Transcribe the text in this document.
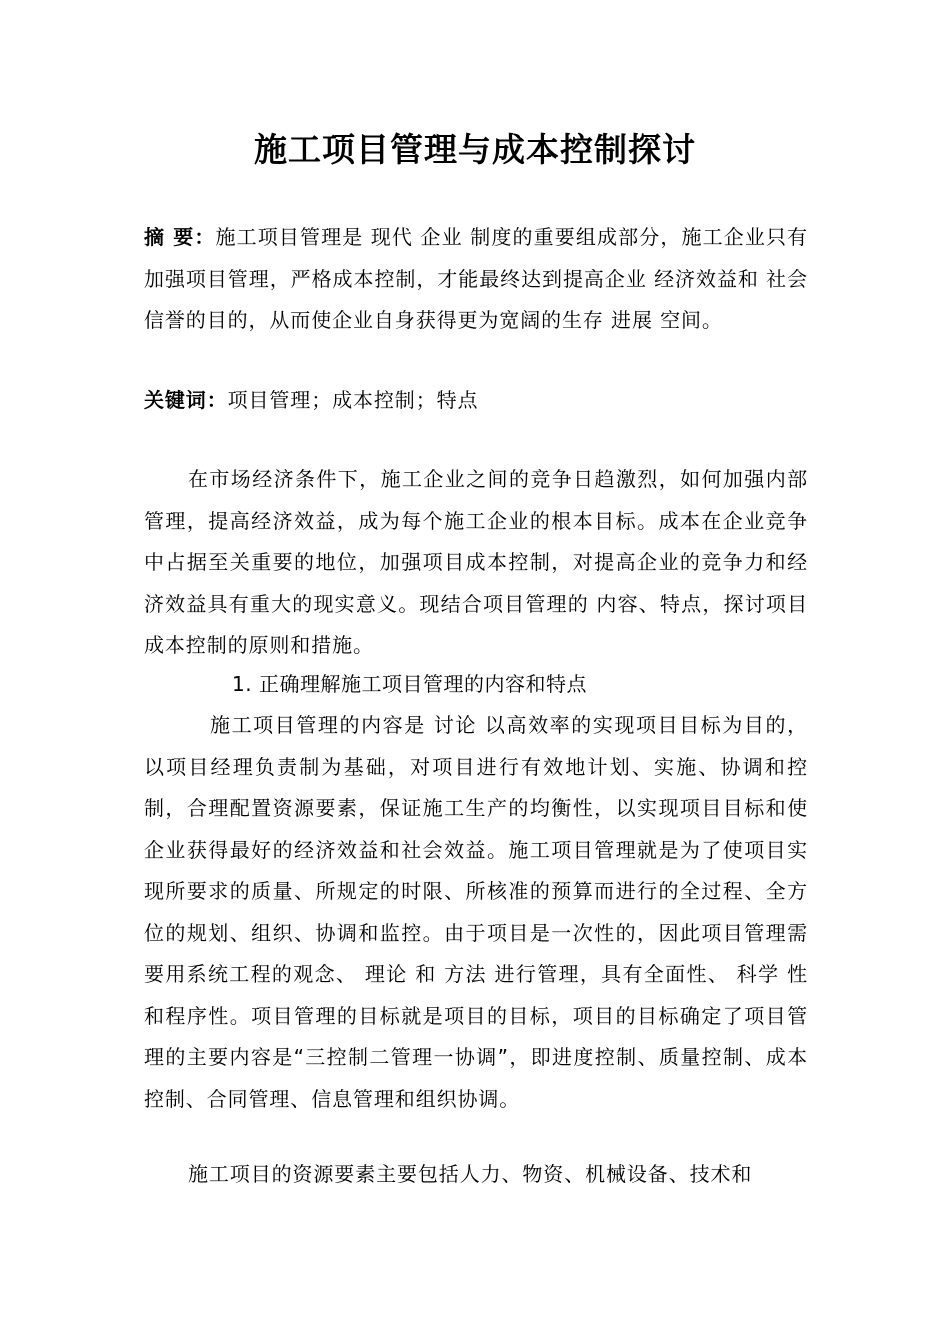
施工项目管理与成本控制探讨
摘 要：施工项目管理是 现代 企业 制度的重要组成部分，施工企业只有加强项目管理，严格成本控制，才能最终达到提高企业 经济效益和 社会 信誉的目的，从而使企业自身获得更为宽阔的生存 进展 空间。
关键词：项目管理；成本控制；特点

在市场经济条件下，施工企业之间的竞争日趋激烈，如何加强内部管理，提高经济效益，成为每个施工企业的根本目标。成本在企业竞争中占据至关重要的地位，加强项目成本控制，对提高企业的竞争力和经济效益具有重大的现实意义。现结合项目管理的 内容、特点，探讨项目成本控制的原则和措施。

1. 正确理解施工项目管理的内容和特点

施工项目管理的内容是 讨论 以高效率的实现项目目标为目的，以项目经理负责制为基础，对项目进行有效地计划、实施、协调和控制，合理配置资源要素，保证施工生产的均衡性，以实现项目目标和使企业获得最好的经济效益和社会效益。施工项目管理就是为了使项目实现所要求的质量、所规定的时限、所核准的预算而进行的全过程、全方位的规划、组织、协调和监控。由于项目是一次性的，因此项目管理需要用系统工程的观念、 理论 和 方法 进行管理，具有全面性、 科学 性和程序性。项目管理的目标就是项目的目标，项目的目标确定了项目管理的主要内容是“三控制二管理一协调”，即进度控制、质量控制、成本控制、合同管理、信息管理和组织协调。

施工项目的资源要素主要包括人力、物资、机械设备、技术和
